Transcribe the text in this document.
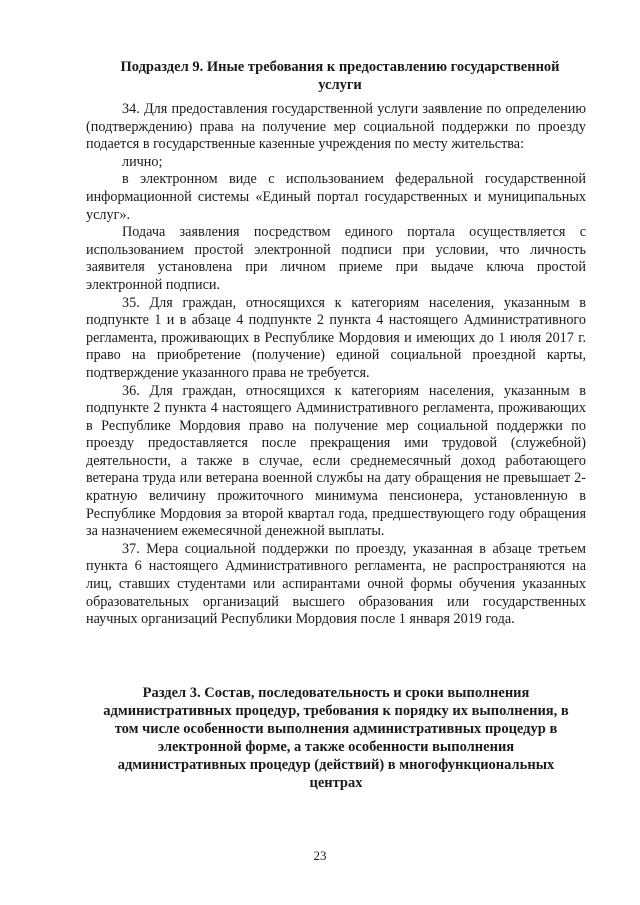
Подраздел 9. Иные требования к предоставлению государственной услуги

34. Для предоставления государственной услуги заявление по определению (подтверждению) права на получение мер социальной поддержки по проезду подается в государственные казенные учреждения по месту жительства:

лично;

в электронном виде с использованием федеральной государственной информационной системы «Единый портал государственных и муниципальных услуг».

Подача заявления посредством единого портала осуществляется с использованием простой электронной подписи при условии, что личность заявителя установлена при личном приеме при выдаче ключа простой электронной подписи.

35. Для граждан, относящихся к категориям населения, указанным в подпункте 1 и в абзаце 4 подпункте 2 пункта 4 настоящего Административного регламента, проживающих в Республике Мордовия и имеющих до 1 июля 2017 г. право на приобретение (получение) единой социальной проездной карты, подтверждение указанного права не требуется.

36. Для граждан, относящихся к категориям населения, указанным в подпункте 2 пункта 4 настоящего Административного регламента, проживающих в Республике Мордовия право на получение мер социальной поддержки по проезду предоставляется после прекращения ими трудовой (служебной) деятельности, а также в случае, если среднемесячный доход работающего ветерана труда или ветерана военной службы на дату обращения не превышает 2-кратную величину прожиточного минимума пенсионера, установленную в Республике Мордовия за второй квартал года, предшествующего году обращения за назначением ежемесячной денежной выплаты.

37. Мера социальной поддержки по проезду, указанная в абзаце третьем пункта 6 настоящего Административного регламента, не распространяются на лиц, ставших студентами или аспирантами очной формы обучения указанных образовательных организаций высшего образования или государственных научных организаций Республики Мордовия после 1 января 2019 года.

Раздел 3. Состав, последовательность и сроки выполнения административных процедур, требования к порядку их выполнения, в том числе особенности выполнения административных процедур в электронной форме, а также особенности выполнения административных процедур (действий) в многофункциональных центрах
23
